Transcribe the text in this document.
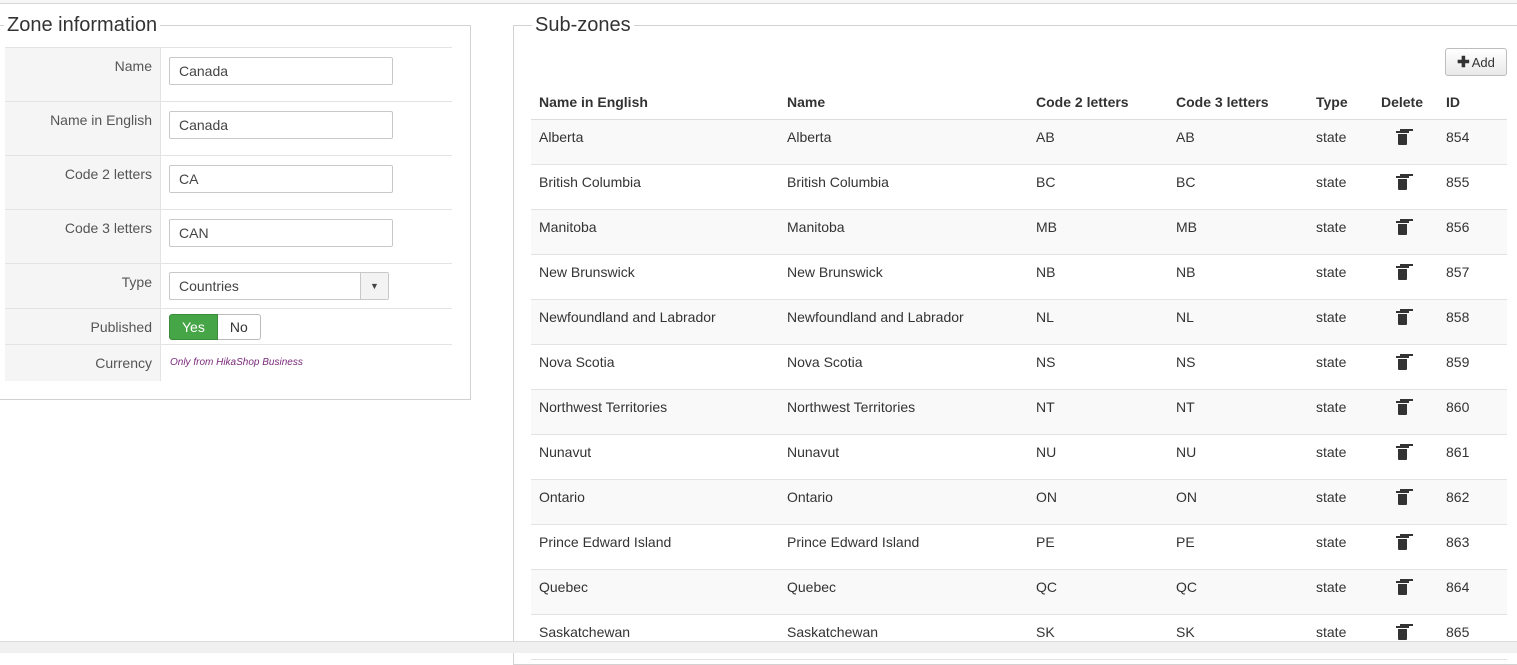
Zone information
Name	Canada
Name in English	Canada
Code 2 letters	CA
Code 3 letters	CAN
Type	Countries	▼
Published	Yes	No
Currency	Only from HikaShop Business
Sub-zones
✚ Add
Name in English	Name	Code 2 letters	Code 3 letters	Type	Delete	ID
Alberta	Alberta	AB	AB	state		854
British Columbia	British Columbia	BC	BC	state		855
Manitoba	Manitoba	MB	MB	state		856
New Brunswick	New Brunswick	NB	NB	state		857
Newfoundland and Labrador	Newfoundland and Labrador	NL	NL	state		858
Nova Scotia	Nova Scotia	NS	NS	state		859
Northwest Territories	Northwest Territories	NT	NT	state		860
Nunavut	Nunavut	NU	NU	state		861
Ontario	Ontario	ON	ON	state		862
Prince Edward Island	Prince Edward Island	PE	PE	state		863
Quebec	Quebec	QC	QC	state		864
Saskatchewan	Saskatchewan	SK	SK	state		865
